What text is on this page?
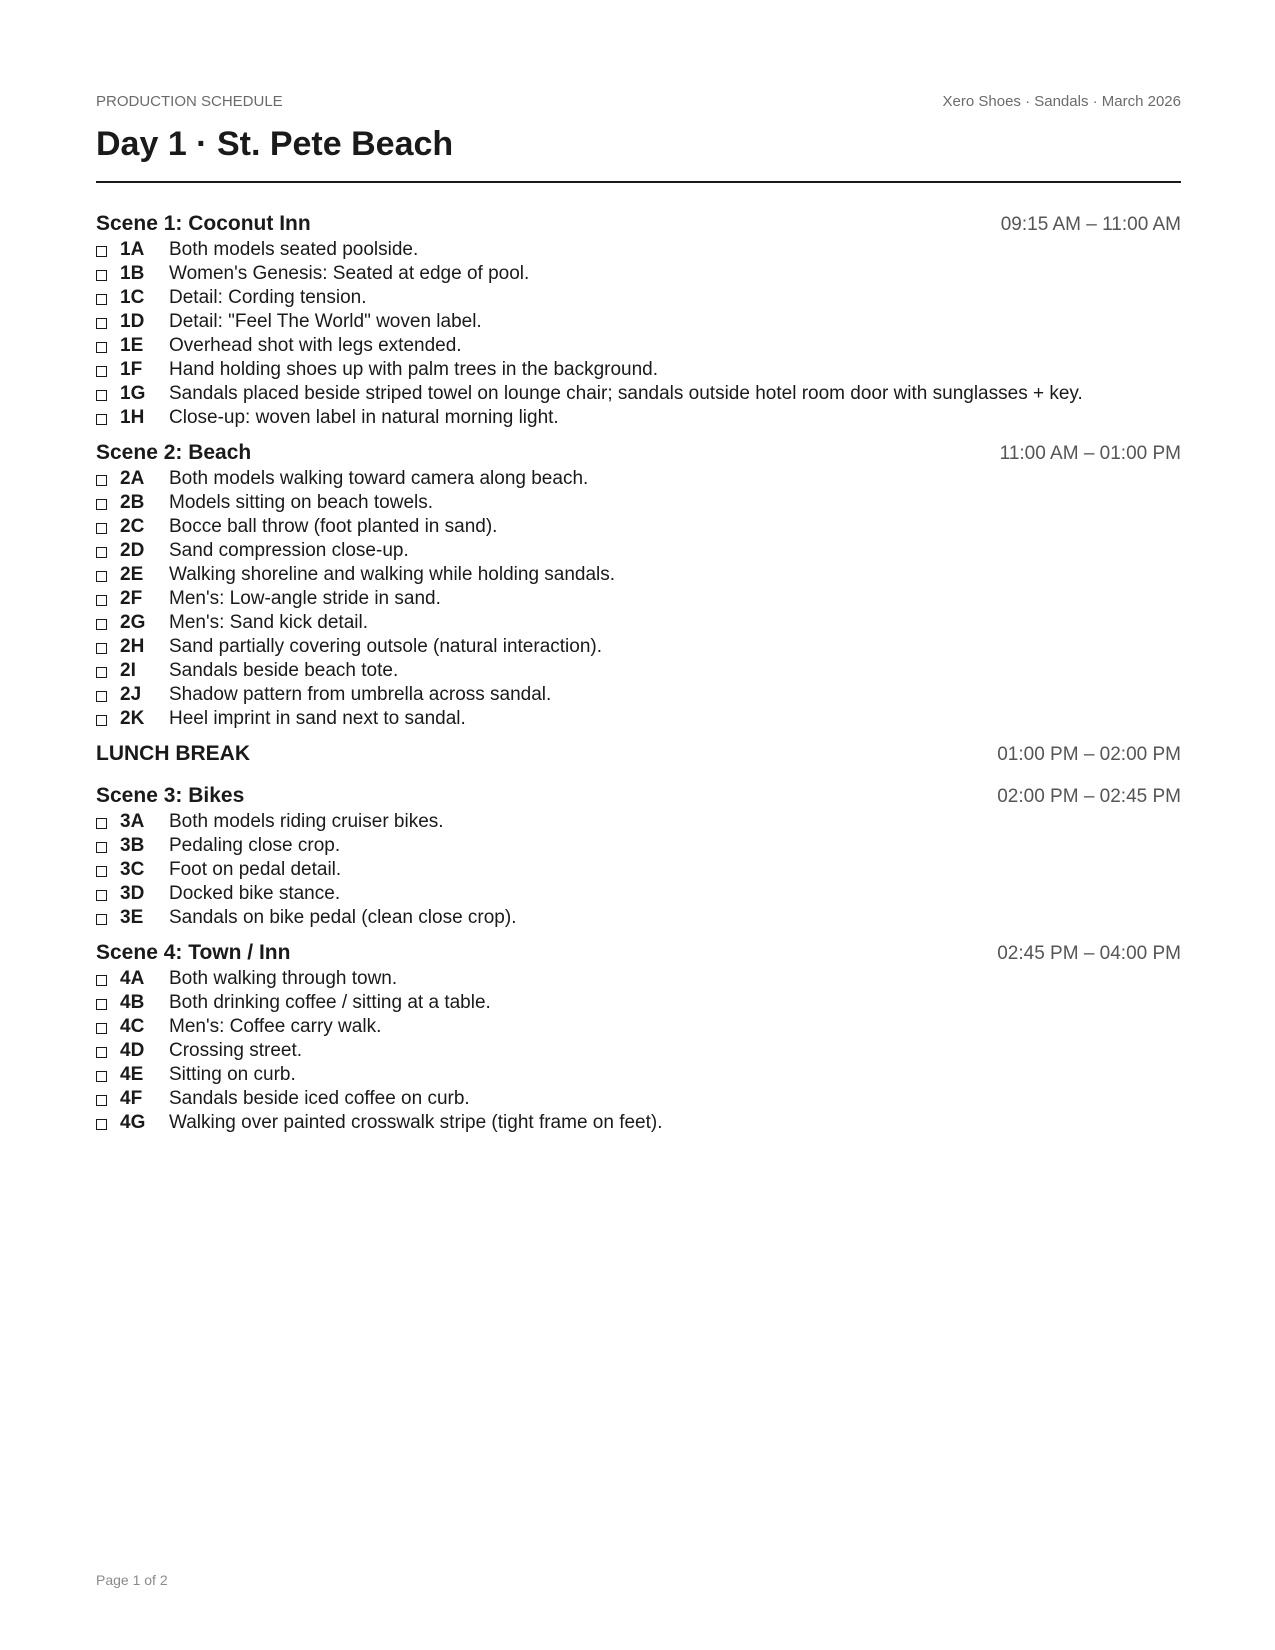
PRODUCTION SCHEDULE	Xero Shoes · Sandals · March 2026
Day 1 · St. Pete Beach
Scene 1: Coconut Inn	09:15 AM – 11:00 AM
1A	Both models seated poolside.
1B	Women's Genesis: Seated at edge of pool.
1C	Detail: Cording tension.
1D	Detail: "Feel The World" woven label.
1E	Overhead shot with legs extended.
1F	Hand holding shoes up with palm trees in the background.
1G	Sandals placed beside striped towel on lounge chair; sandals outside hotel room door with sunglasses + key.
1H	Close-up: woven label in natural morning light.
Scene 2: Beach	11:00 AM – 01:00 PM
2A	Both models walking toward camera along beach.
2B	Models sitting on beach towels.
2C	Bocce ball throw (foot planted in sand).
2D	Sand compression close-up.
2E	Walking shoreline and walking while holding sandals.
2F	Men's: Low-angle stride in sand.
2G	Men's: Sand kick detail.
2H	Sand partially covering outsole (natural interaction).
2I	Sandals beside beach tote.
2J	Shadow pattern from umbrella across sandal.
2K	Heel imprint in sand next to sandal.
LUNCH BREAK	01:00 PM – 02:00 PM
Scene 3: Bikes	02:00 PM – 02:45 PM
3A	Both models riding cruiser bikes.
3B	Pedaling close crop.
3C	Foot on pedal detail.
3D	Docked bike stance.
3E	Sandals on bike pedal (clean close crop).
Scene 4: Town / Inn	02:45 PM – 04:00 PM
4A	Both walking through town.
4B	Both drinking coffee / sitting at a table.
4C	Men's: Coffee carry walk.
4D	Crossing street.
4E	Sitting on curb.
4F	Sandals beside iced coffee on curb.
4G	Walking over painted crosswalk stripe (tight frame on feet).
Page 1 of 2
